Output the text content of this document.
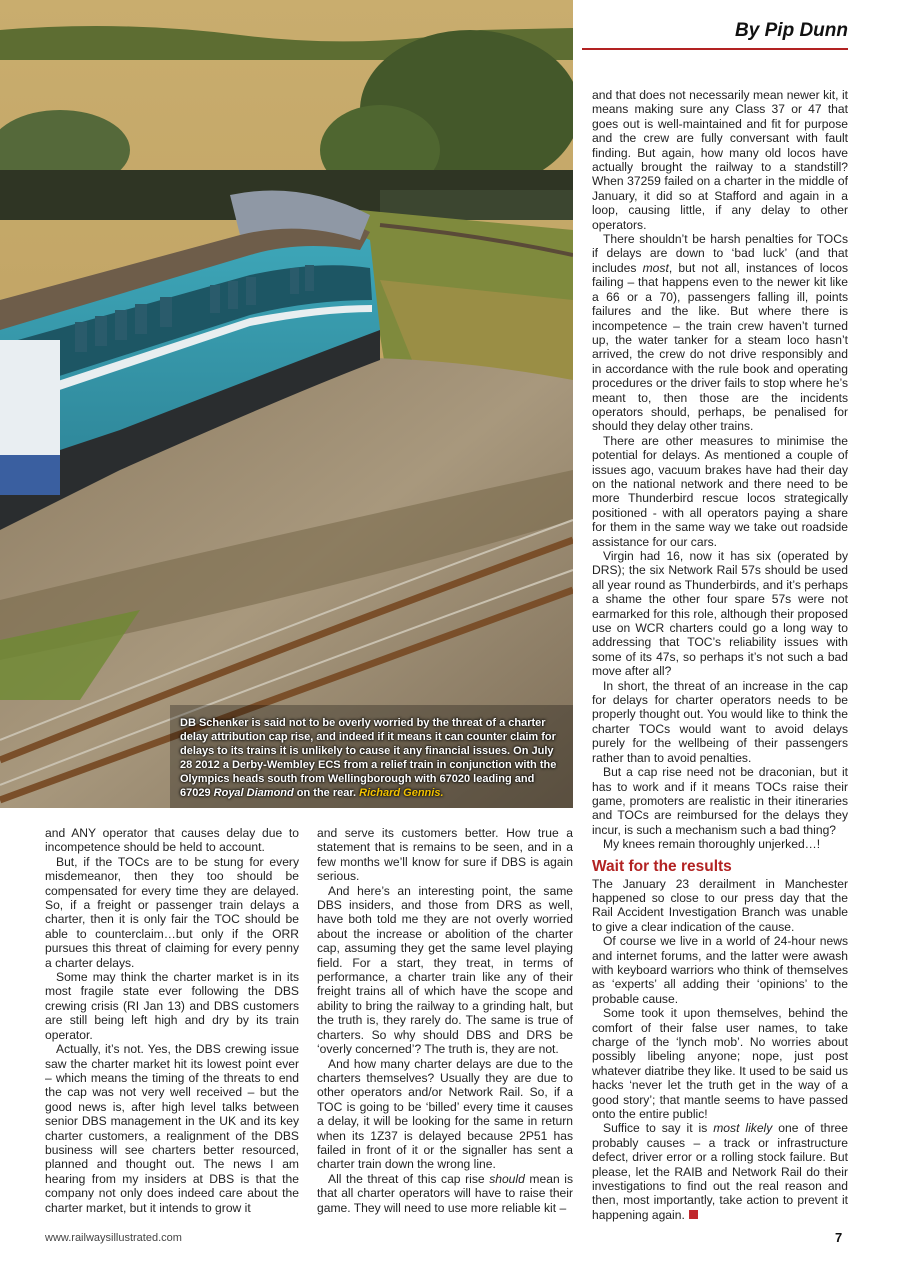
DB Schenker is said not to be overly worried by the threat of a charter delay attribution cap rise, and indeed if it means it can counter claim for delays to its trains it is unlikely to cause it any financial issues. On July 28 2012 a Derby-Wembley ECS from a relief train in conjunction with the Olympics heads south from Wellingborough with 67020 leading and 67029 Royal Diamond on the rear. Richard Gennis.
By Pip Dunn

and ANY operator that causes delay due to incompetence should be held to account.

But, if the TOCs are to be stung for every misdemeanor, then they too should be compensated for every time they are delayed. So, if a freight or passenger train delays a charter, then it is only fair the TOC should be able to counterclaim…but only if the ORR pursues this threat of claiming for every penny a charter delays.

Some may think the charter market is in its most fragile state ever following the DBS crewing crisis (RI Jan 13) and DBS customers are still being left high and dry by its train operator.

Actually, it’s not. Yes, the DBS crewing issue saw the charter market hit its lowest point ever – which means the timing of the threats to end the cap was not very well received – but the good news is, after high level talks between senior DBS management in the UK and its key charter customers, a realignment of the DBS business will see charters better resourced, planned and thought out. The news I am hearing from my insiders at DBS is that the company not only does indeed care about the charter market, but it intends to grow it

and serve its customers better. How true a statement that is remains to be seen, and in a few months we’ll know for sure if DBS is again serious.

And here’s an interesting point, the same DBS insiders, and those from DRS as well, have both told me they are not overly worried about the increase or abolition of the charter cap, assuming they get the same level playing field. For a start, they treat, in terms of performance, a charter train like any of their freight trains all of which have the scope and ability to bring the railway to a grinding halt, but the truth is, they rarely do. The same is true of charters. So why should DBS and DRS be ‘overly concerned’? The truth is, they are not.

And how many charter delays are due to the charters themselves? Usually they are due to other operators and/or Network Rail. So, if a TOC is going to be ‘billed’ every time it causes a delay, it will be looking for the same in return when its 1Z37 is delayed because 2P51 has failed in front of it or the signaller has sent a charter train down the wrong line.

All the threat of this cap rise should mean is that all charter operators will have to raise their game. They will need to use more reliable kit –

and that does not necessarily mean newer kit, it means making sure any Class 37 or 47 that goes out is well-maintained and fit for purpose and the crew are fully conversant with fault finding. But again, how many old locos have actually brought the railway to a standstill? When 37259 failed on a charter in the middle of January, it did so at Stafford and again in a loop, causing little, if any delay to other operators.

There shouldn’t be harsh penalties for TOCs if delays are down to ‘bad luck’ (and that includes most, but not all, instances of locos failing – that happens even to the newer kit like a 66 or a 70), passengers falling ill, points failures and the like. But where there is incompetence – the train crew haven’t turned up, the water tanker for a steam loco hasn’t arrived, the crew do not drive responsibly and in accordance with the rule book and operating procedures or the driver fails to stop where he’s meant to, then those are the incidents operators should, perhaps, be penalised for should they delay other trains.

There are other measures to minimise the potential for delays. As mentioned a couple of issues ago, vacuum brakes have had their day on the national network and there need to be more Thunderbird rescue locos strategically positioned - with all operators paying a share for them in the same way we take out roadside assistance for our cars.

Virgin had 16, now it has six (operated by DRS); the six Network Rail 57s should be used all year round as Thunderbirds, and it’s perhaps a shame the other four spare 57s were not earmarked for this role, although their proposed use on WCR charters could go a long way to addressing that TOC’s reliability issues with some of its 47s, so perhaps it’s not such a bad move after all?

In short, the threat of an increase in the cap for delays for charter operators needs to be properly thought out. You would like to think the charter TOCs would want to avoid delays purely for the wellbeing of their passengers rather than to avoid penalties.

But a cap rise need not be draconian, but it has to work and if it means TOCs raise their game, promoters are realistic in their itineraries and TOCs are reimbursed for the delays they incur, is such a mechanism such a bad thing?

My knees remain thoroughly unjerked…!

Wait for the results

The January 23 derailment in Manchester happened so close to our press day that the Rail Accident Investigation Branch was unable to give a clear indication of the cause.

Of course we live in a world of 24-hour news and internet forums, and the latter were awash with keyboard warriors who think of themselves as ‘experts’ all adding their ‘opinions’ to the probable cause.

Some took it upon themselves, behind the comfort of their false user names, to take charge of the ‘lynch mob’. No worries about possibly libeling anyone; nope, just post whatever diatribe they like. It used to be said us hacks ‘never let the truth get in the way of a good story’; that mantle seems to have passed onto the entire public!

Suffice to say it is most likely one of three probably causes – a track or infrastructure defect, driver error or a rolling stock failure. But please, let the RAIB and Network Rail do their investigations to find out the real reason and then, most importantly, take action to prevent it happening again.

www.railwaysillustrated.com	7
